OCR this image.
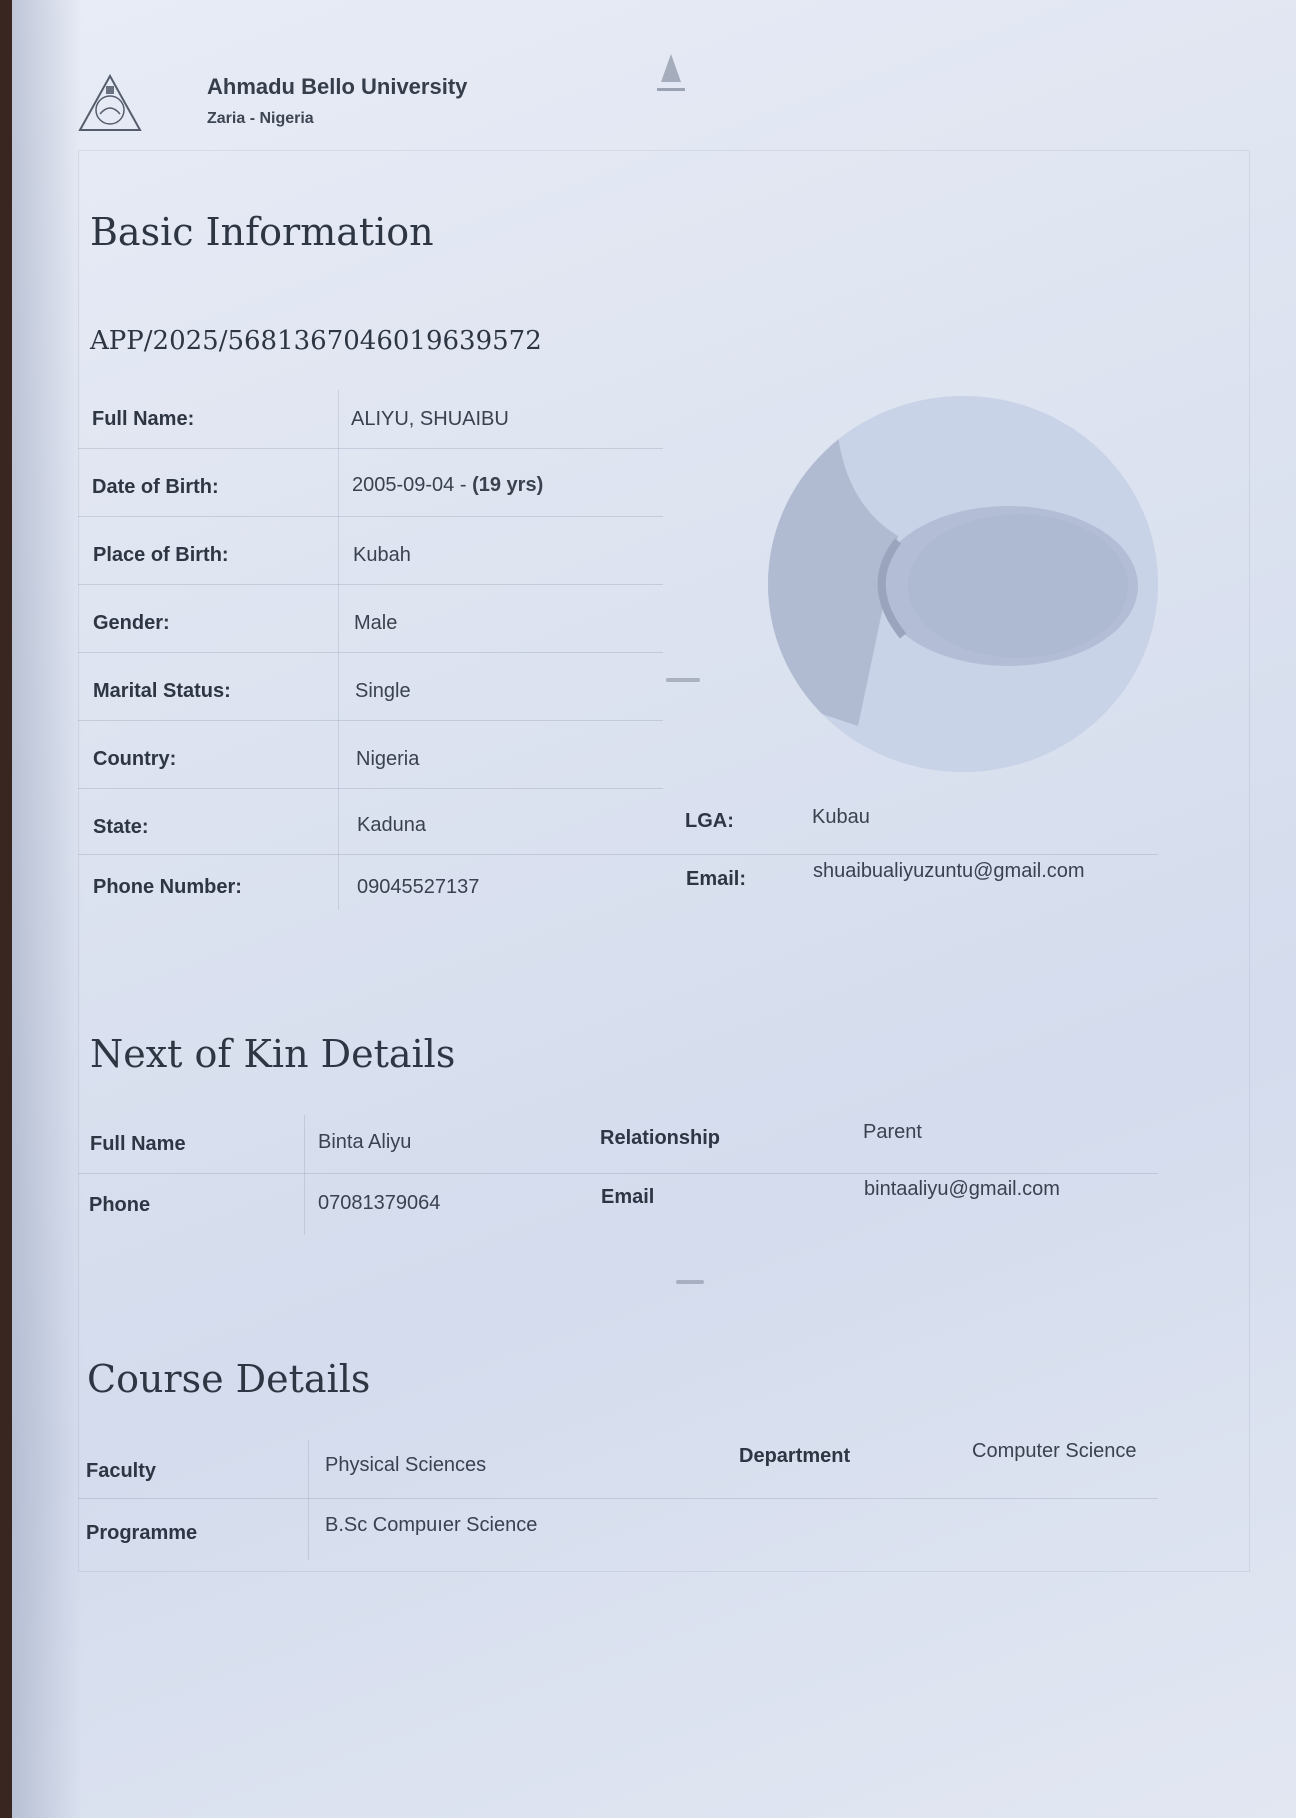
Ahmadu Bello University
Zaria - Nigeria
Basic Information
APP/2025/5681367046019639572
Full Name:	ALIYU, SHUAIBU
Date of Birth:	2005-09-04 - (19 yrs)
Place of Birth:	Kubah
Gender:	Male
Marital Status:	Single
Country:	Nigeria
State:	Kaduna	LGA:	Kubau
Phone Number:	09045527137	Email:	shuaibualiyuzuntu@gmail.com
Next of Kin Details
Full Name	Binta Aliyu	Relationship	Parent
Phone	07081379064	Email	bintaaliyu@gmail.com
Course Details
Faculty	Physical Sciences	Department	Computer Science
Programme	B.Sc Compuıer Science
